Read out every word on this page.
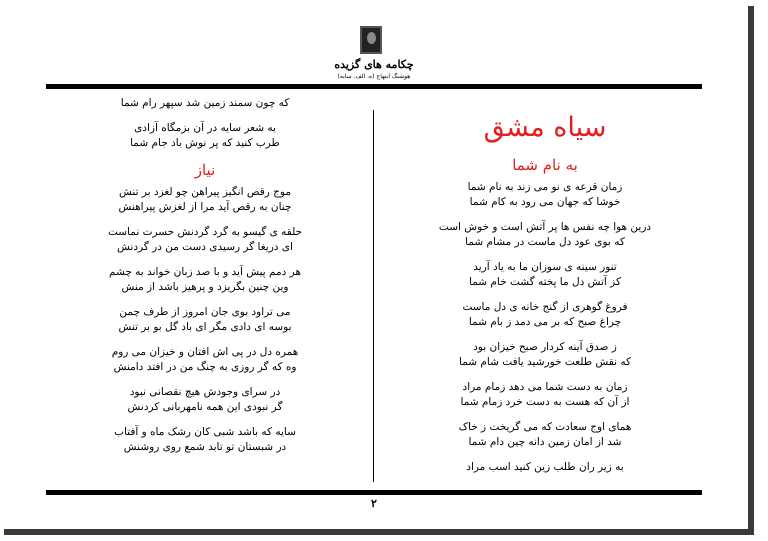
چکامه های گزیده
هوشنگ ابتهاج (ه. الف. سایه)
۲
سیاه مشق
به نام شما
زمان قرعه ی نو می زند به نام شما
خوشا که جهان می رود به کام شما
درین هوا چه نفس ها پر آتش است و خوش است
که بوی عود دل ماست در مشام شما
تنور سینه ی سوزان ما به یاد آرید
کز آتش دل ما پخته گشت خام شما
فروغ گوهری از گنج خانه ی دل ماست
چراغ صبح که بر می دمد ز بام شما
ز صدق آینه کردار صبح خیزان بود
که نقش طلعت خورشید یافت شام شما
زمان به دست شما می دهد زمام مراد
از آن که هست به دست خرد زمام شما
همای اوج سعادت که می گریخت ز خاک
شد از امان زمین دانه چین دام شما
به زیر ران طلب زین کنید اسب مراد
که چون سمند زمین شد سپهر رام شما
به شعر سایه در آن بزمگاه آزادی
طرب کنید که پر نوش باد جام شما
نیاز
موج رقص انگیز پیراهن چو لغزد بر تنش
چنان به رقص آید مرا از لغزش پیراهنش
حلقه ی گیسو به گرد گردنش حسرت نماست
ای دریغا گر رسیدی دست من در گردنش
هر دمم پیش آید و با صد زبان خواند به چشم
وین چنین بگریزد و پرهیز باشد از منش
می تراود بوی جان امروز از طرف چمن
بوسه ای دادی مگر ای باد گل بو بر تنش
همره دل در پی اش افتان و خیزان می روم
وه که گر روزی به چنگ من در افتد دامنش
در سرای وجودش هیچ نقصانی نبود
گر نبودی این همه نامهربانی کردنش
سایه که باشد شبی کان رشک ماه و آفتاب
در شبستان تو تابد شمع روی روشنش
